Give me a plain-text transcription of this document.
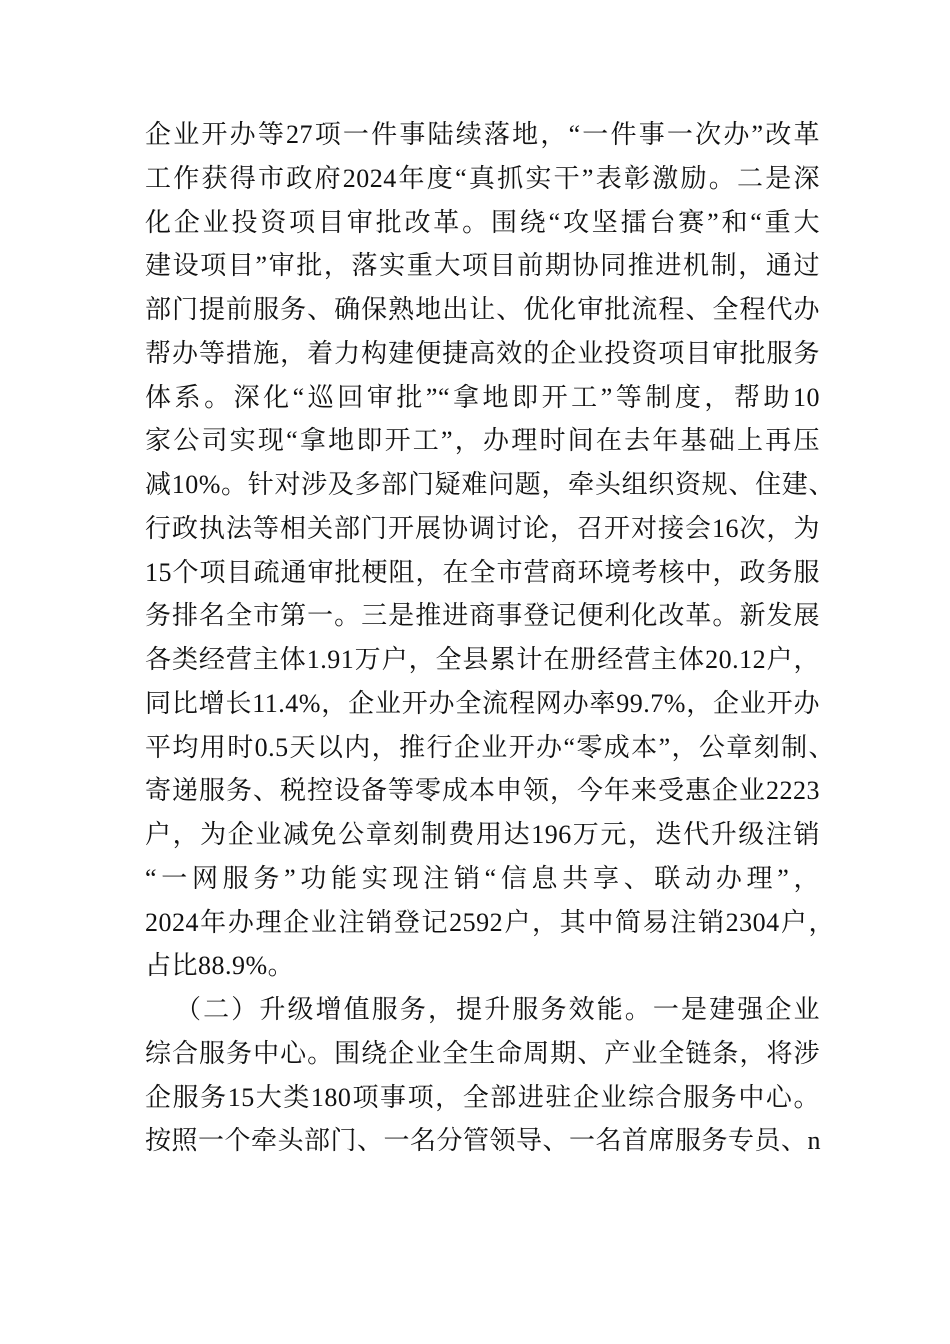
企业开办等27项一件事陆续落地，“一件事一次办”改革
工作获得市政府2024年度“真抓实干”表彰激励。二是深
化企业投资项目审批改革。围绕“攻坚擂台赛”和“重大
建设项目”审批，落实重大项目前期协同推进机制，通过
部门提前服务、确保熟地出让、优化审批流程、全程代办
帮办等措施，着力构建便捷高效的企业投资项目审批服务
体系。深化“巡回审批”“拿地即开工”等制度，帮助10
家公司实现“拿地即开工”，办理时间在去年基础上再压
减10%。针对涉及多部门疑难问题，牵头组织资规、住建、
行政执法等相关部门开展协调讨论，召开对接会16次，为
15个项目疏通审批梗阻，在全市营商环境考核中，政务服
务排名全市第一。三是推进商事登记便利化改革。新发展
各类经营主体1.91万户，全县累计在册经营主体20.12户，
同比增长11.4%，企业开办全流程网办率99.7%，企业开办
平均用时0.5天以内，推行企业开办“零成本”，公章刻制、
寄递服务、税控设备等零成本申领，今年来受惠企业2223
户，为企业减免公章刻制费用达196万元，迭代升级注销
“一网服务”功能实现注销“信息共享、联动办理”，
2024年办理企业注销登记2592户，其中简易注销2304户，
占比88.9%。
（二）升级增值服务，提升服务效能。一是建强企业
综合服务中心。围绕企业全生命周期、产业全链条，将涉
企服务15大类180项事项，全部进驻企业综合服务中心。
按照一个牵头部门、一名分管领导、一名首席服务专员、n
